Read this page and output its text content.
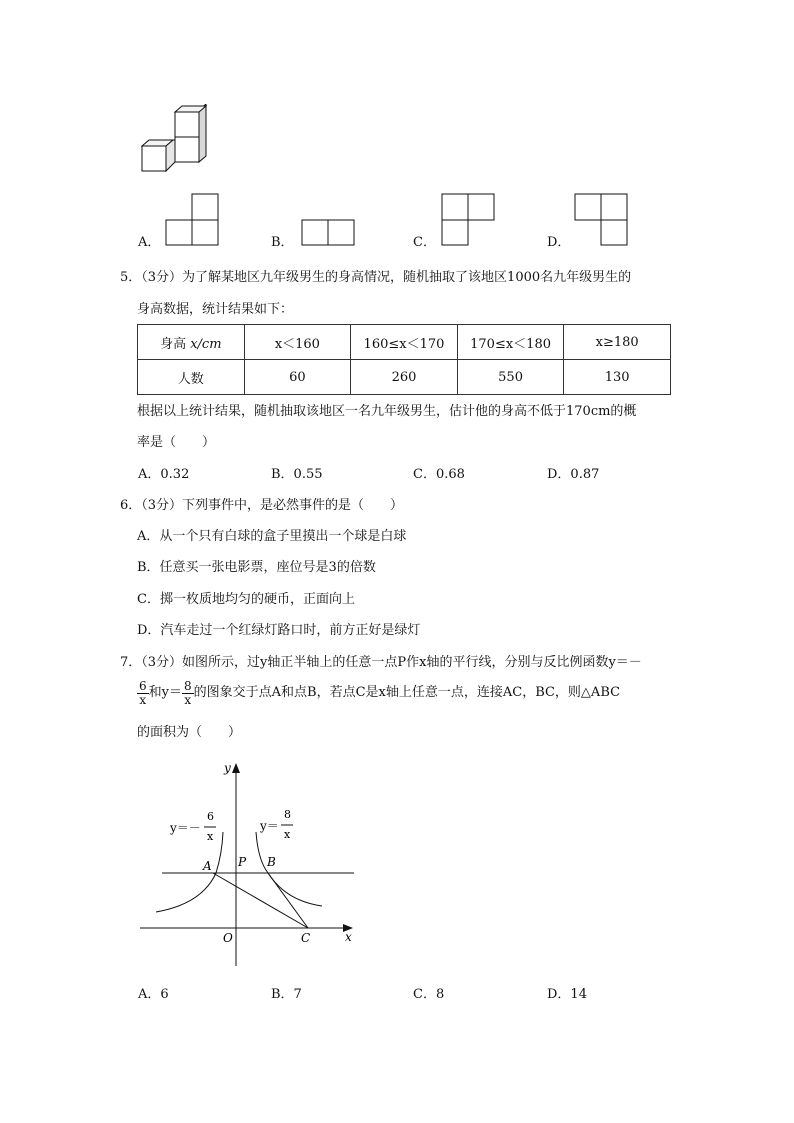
A．	B．	C．	D．
5．（3分）为了解某地区九年级男生的身高情况，随机抽取了该地区1000名九年级男生的
身高数据，统计结果如下：
身高 x/cm	x＜160	160≤x＜170	170≤x＜180	x≥180
人数	60	260	550	130
根据以上统计结果，随机抽取该地区一名九年级男生，估计他的身高不低于170cm的概
率是（　　）
A．0.32	B．0.55	C．0.68	D．0.87
6．（3分）下列事件中，是必然事件的是（　　）
A．从一个只有白球的盒子里摸出一个球是白球
B．任意买一张电影票，座位号是3的倍数
C．掷一枚质地均匀的硬币，正面向上
D．汽车走过一个红绿灯路口时，前方正好是绿灯
7．（3分）如图所示，过y轴正半轴上的任意一点P作x轴的平行线，分别与反比例函数y＝－
$\frac{6}{x}$ 和$y= \frac{8}{x}$ 的图象交于点A和点B，若点C是x轴上任意一点，连接AC，BC，则△ABC
的面积为（　　）
y
x
O
A P B
C
y＝－
6
x
y＝
8
x
A．6	B．7	C．8	D．14
